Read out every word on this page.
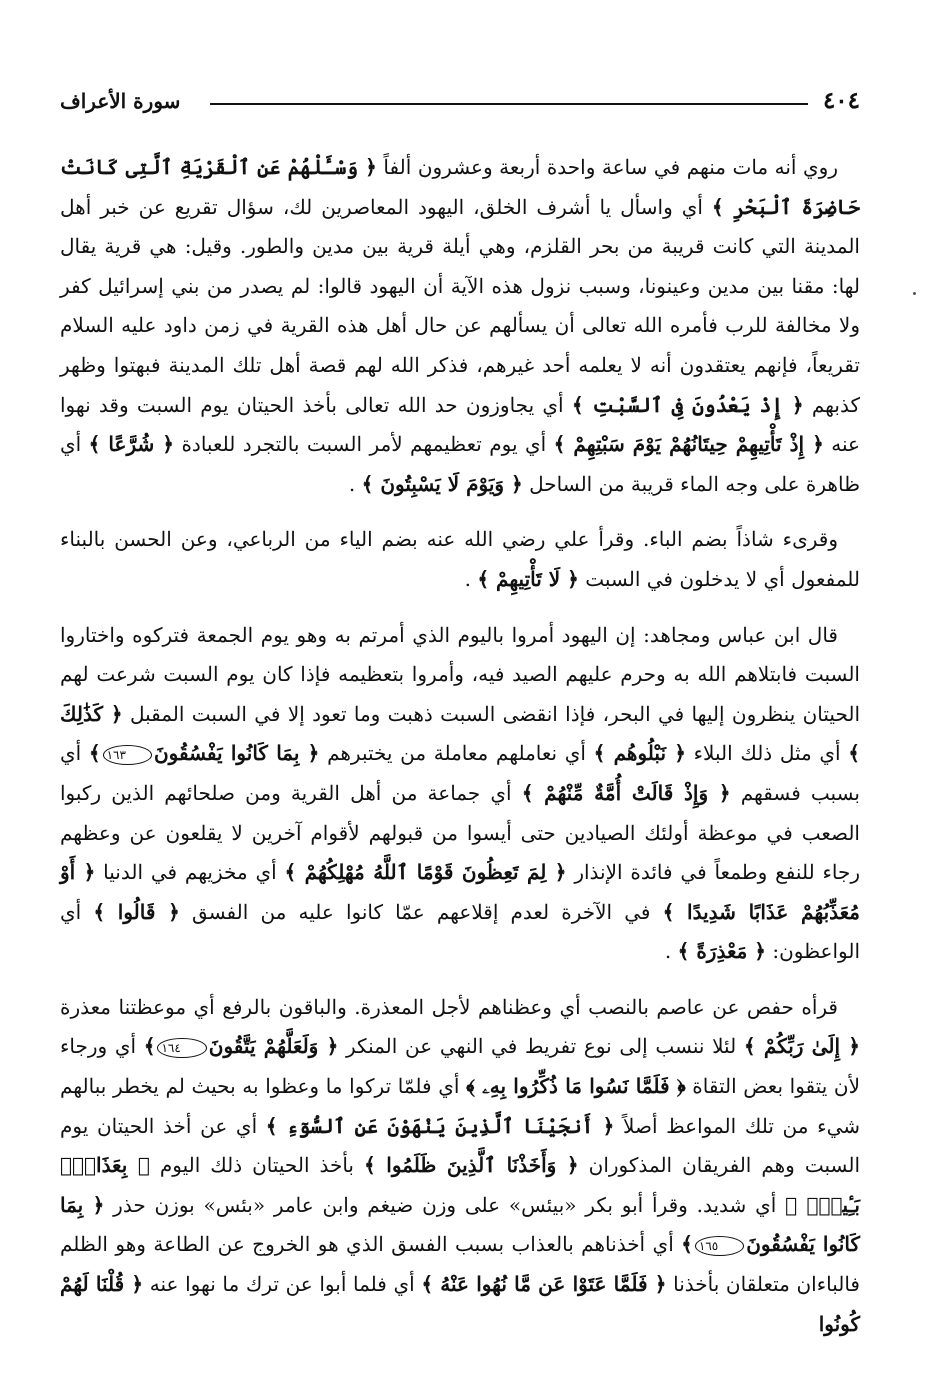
٤٠٤
سورة الأعراف

روي أنه مات منهم في ساعة واحدة أربعة وعشرون ألفاً ﴿ وَسْـَٔلْهُمْ عَنِ ٱلْقَرْيَةِ ٱلَّتِى كَانَتْ حَاضِرَةَ ٱلْبَحْرِ ﴾ أي واسأل يا أشرف الخلق، اليهود المعاصرين لك، سؤال تقريع عن خبر أهل المدينة التي كانت قريبة من بحر القلزم، وهي أيلة قرية بين مدين والطور. وقيل: هي قرية يقال لها: مقنا بين مدين وعينونا، وسبب نزول هذه الآية أن اليهود قالوا: لم يصدر من بني إسرائيل كفر ولا مخالفة للرب فأمره الله تعالى أن يسألهم عن حال أهل هذه القرية في زمن داود عليه السلام تقريعاً، فإنهم يعتقدون أنه لا يعلمه أحد غيرهم، فذكر الله لهم قصة أهل تلك المدينة فبهتوا وظهر كذبهم ﴿ إِذْ يَعْدُونَ فِى ٱلسَّبْتِ ﴾ أي يجاوزون حد الله تعالى بأخذ الحيتان يوم السبت وقد نهوا عنه ﴿ إِذْ تَأْتِيهِمْ حِيتَانُهُمْ يَوْمَ سَبْتِهِمْ ﴾ أي يوم تعظيمهم لأمر السبت بالتجرد للعبادة ﴿ شُرَّعًا ﴾ أي ظاهرة على وجه الماء قريبة من الساحل ﴿ وَيَوْمَ لَا يَسْبِتُونَ ﴾ .

وقرىء شاذاً بضم الباء. وقرأ علي رضي الله عنه بضم الياء من الرباعي، وعن الحسن بالبناء للمفعول أي لا يدخلون في السبت ﴿ لَا تَأْتِيهِمْ ﴾ .

قال ابن عباس ومجاهد: إن اليهود أمروا باليوم الذي أمرتم به وهو يوم الجمعة فتركوه واختاروا السبت فابتلاهم الله به وحرم عليهم الصيد فيه، وأمروا بتعظيمه فإذا كان يوم السبت شرعت لهم الحيتان ينظرون إليها في البحر، فإذا انقضى السبت ذهبت وما تعود إلا في السبت المقبل ﴿ كَذَٰلِكَ ﴾ أي مثل ذلك البلاء ﴿ نَبْلُوهُم ﴾ أي نعاملهم معاملة من يختبرهم ﴿ بِمَا كَانُوا يَفْسُقُونَ١٦٣﴾ أي بسبب فسقهم ﴿ وَإِذْ قَالَتْ أُمَّةٌ مِّنْهُمْ ﴾ أي جماعة من أهل القرية ومن صلحائهم الذين ركبوا الصعب في موعظة أولئك الصيادين حتى أيسوا من قبولهم لأقوام آخرين لا يقلعون عن وعظهم رجاء للنفع وطمعاً في فائدة الإنذار ﴿ لِمَ تَعِظُونَ قَوْمًا ٱللَّهُ مُهْلِكُهُمْ ﴾ أي مخزيهم في الدنيا ﴿ أَوْ مُعَذِّبُهُمْ عَذَابًا شَدِيدًا ﴾ في الآخرة لعدم إقلاعهم عمّا كانوا عليه من الفسق ﴿ قَالُوا ﴾ أي الواعظون: ﴿ مَعْذِرَةً ﴾ .

قرأه حفص عن عاصم بالنصب أي وعظناهم لأجل المعذرة. والباقون بالرفع أي موعظتنا معذرة ﴿ إِلَىٰ رَبِّكُمْ ﴾ لئلا ننسب إلى نوع تفريط في النهي عن المنكر ﴿ وَلَعَلَّهُمْ يَتَّقُونَ١٦٤﴾ أي ورجاء لأن يتقوا بعض التقاة ﴿ فَلَمَّا نَسُوا مَا ذُكِّرُوا بِهِۦ ﴾ أي فلمّا تركوا ما وعظوا به بحيث لم يخطر ببالهم شيء من تلك المواعظ أصلاً ﴿ أَنجَيْنَا ٱلَّذِينَ يَنْهَوْنَ عَنِ ٱلسُّوٓءِ ﴾ أي عن أخذ الحيتان يوم السبت وهم الفريقان المذكوران ﴿ وَأَخَذْنَا ٱلَّذِينَ ظَلَمُوا ﴾ بأخذ الحيتان ذلك اليوم ﴿ بِعَذَابٍۭ بَـِٔيسٍۭ ﴾ أي شديد. وقرأ أبو بكر «بيئس» على وزن ضيغم وابن عامر «بئس» بوزن حذر ﴿ بِمَا كَانُوا يَفْسُقُونَ١٦٥﴾ أي أخذناهم بالعذاب بسبب الفسق الذي هو الخروج عن الطاعة وهو الظلم فالباءان متعلقان بأخذنا ﴿ فَلَمَّا عَتَوْا عَن مَّا نُهُوا عَنْهُ ﴾ أي فلما أبوا عن ترك ما نهوا عنه ﴿ قُلْنَا لَهُمْ كُونُوا
